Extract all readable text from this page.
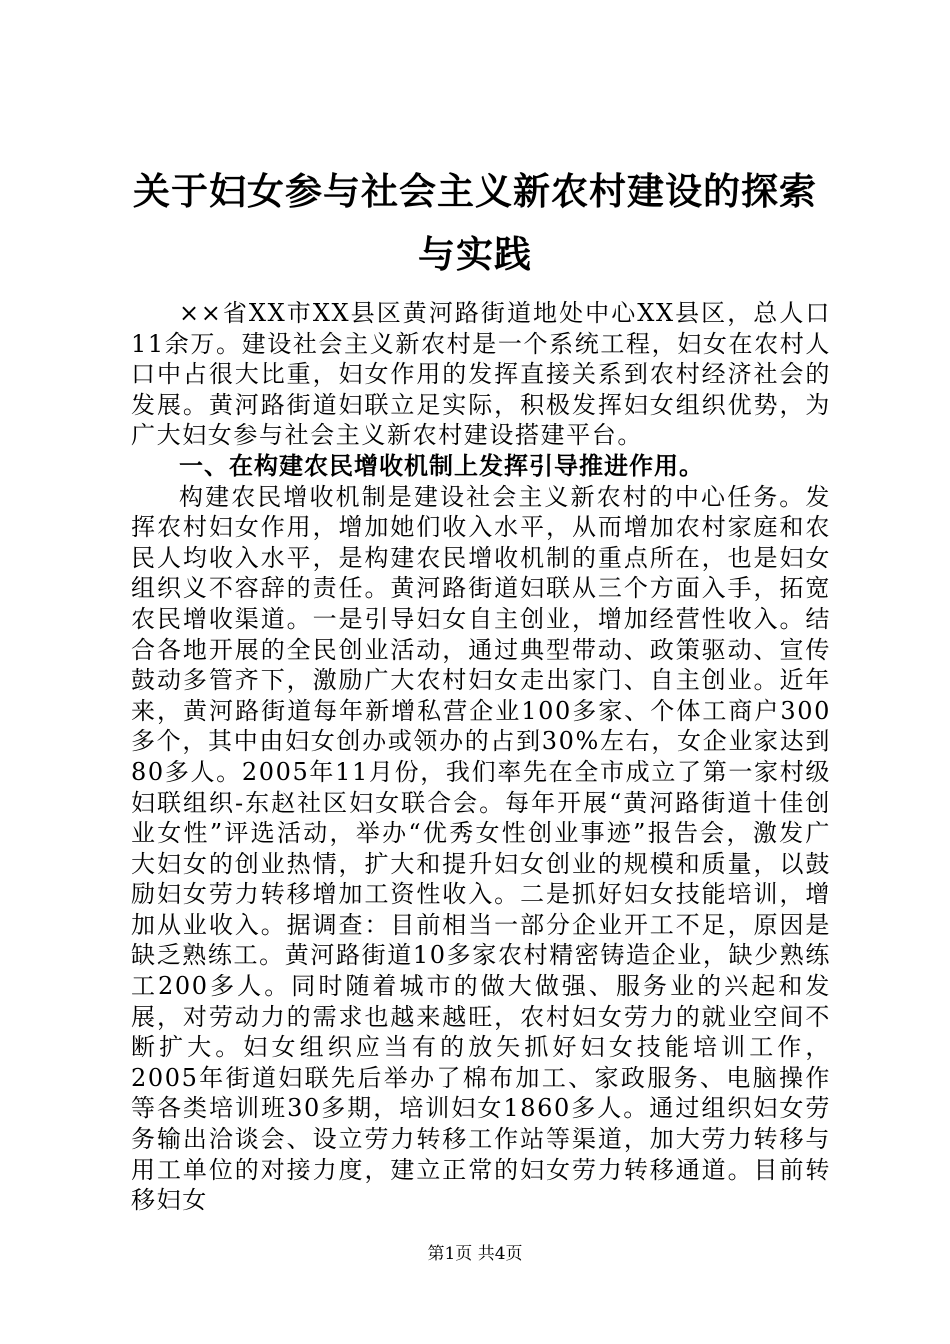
关于妇女参与社会主义新农村建设的探索与实践

××省XX市XX县区黄河路街道地处中心XX县区，总人口11余万。建设社会主义新农村是一个系统工程，妇女在农村人口中占很大比重，妇女作用的发挥直接关系到农村经济社会的发展。黄河路街道妇联立足实际，积极发挥妇女组织优势，为广大妇女参与社会主义新农村建设搭建平台。

一、在构建农民增收机制上发挥引导推进作用。

构建农民增收机制是建设社会主义新农村的中心任务。发挥农村妇女作用，增加她们收入水平，从而增加农村家庭和农民人均收入水平，是构建农民增收机制的重点所在，也是妇女组织义不容辞的责任。黄河路街道妇联从三个方面入手，拓宽农民增收渠道。一是引导妇女自主创业，增加经营性收入。结合各地开展的全民创业活动，通过典型带动、政策驱动、宣传鼓动多管齐下，激励广大农村妇女走出家门、自主创业。近年来，黄河路街道每年新增私营企业100多家、个体工商户300多个，其中由妇女创办或领办的占到30%左右，女企业家达到80多人。2005年11月份，我们率先在全市成立了第一家村级妇联组织-东赵社区妇女联合会。每年开展“黄河路街道十佳创业女性”评选活动，举办“优秀女性创业事迹”报告会，激发广大妇女的创业热情，扩大和提升妇女创业的规模和质量，以鼓励妇女劳力转移增加工资性收入。二是抓好妇女技能培训，增加从业收入。据调查：目前相当一部分企业开工不足，原因是缺乏熟练工。黄河路街道10多家农村精密铸造企业，缺少熟练工200多人。同时随着城市的做大做强、服务业的兴起和发展，对劳动力的需求也越来越旺，农村妇女劳力的就业空间不断扩大。妇女组织应当有的放矢抓好妇女技能培训工作，2005年街道妇联先后举办了棉布加工、家政服务、电脑操作等各类培训班30多期，培训妇女1860多人。通过组织妇女劳务输出洽谈会、设立劳力转移工作站等渠道，加大劳力转移与用工单位的对接力度，建立正常的妇女劳力转移通道。目前转移妇女

第1页 共4页
